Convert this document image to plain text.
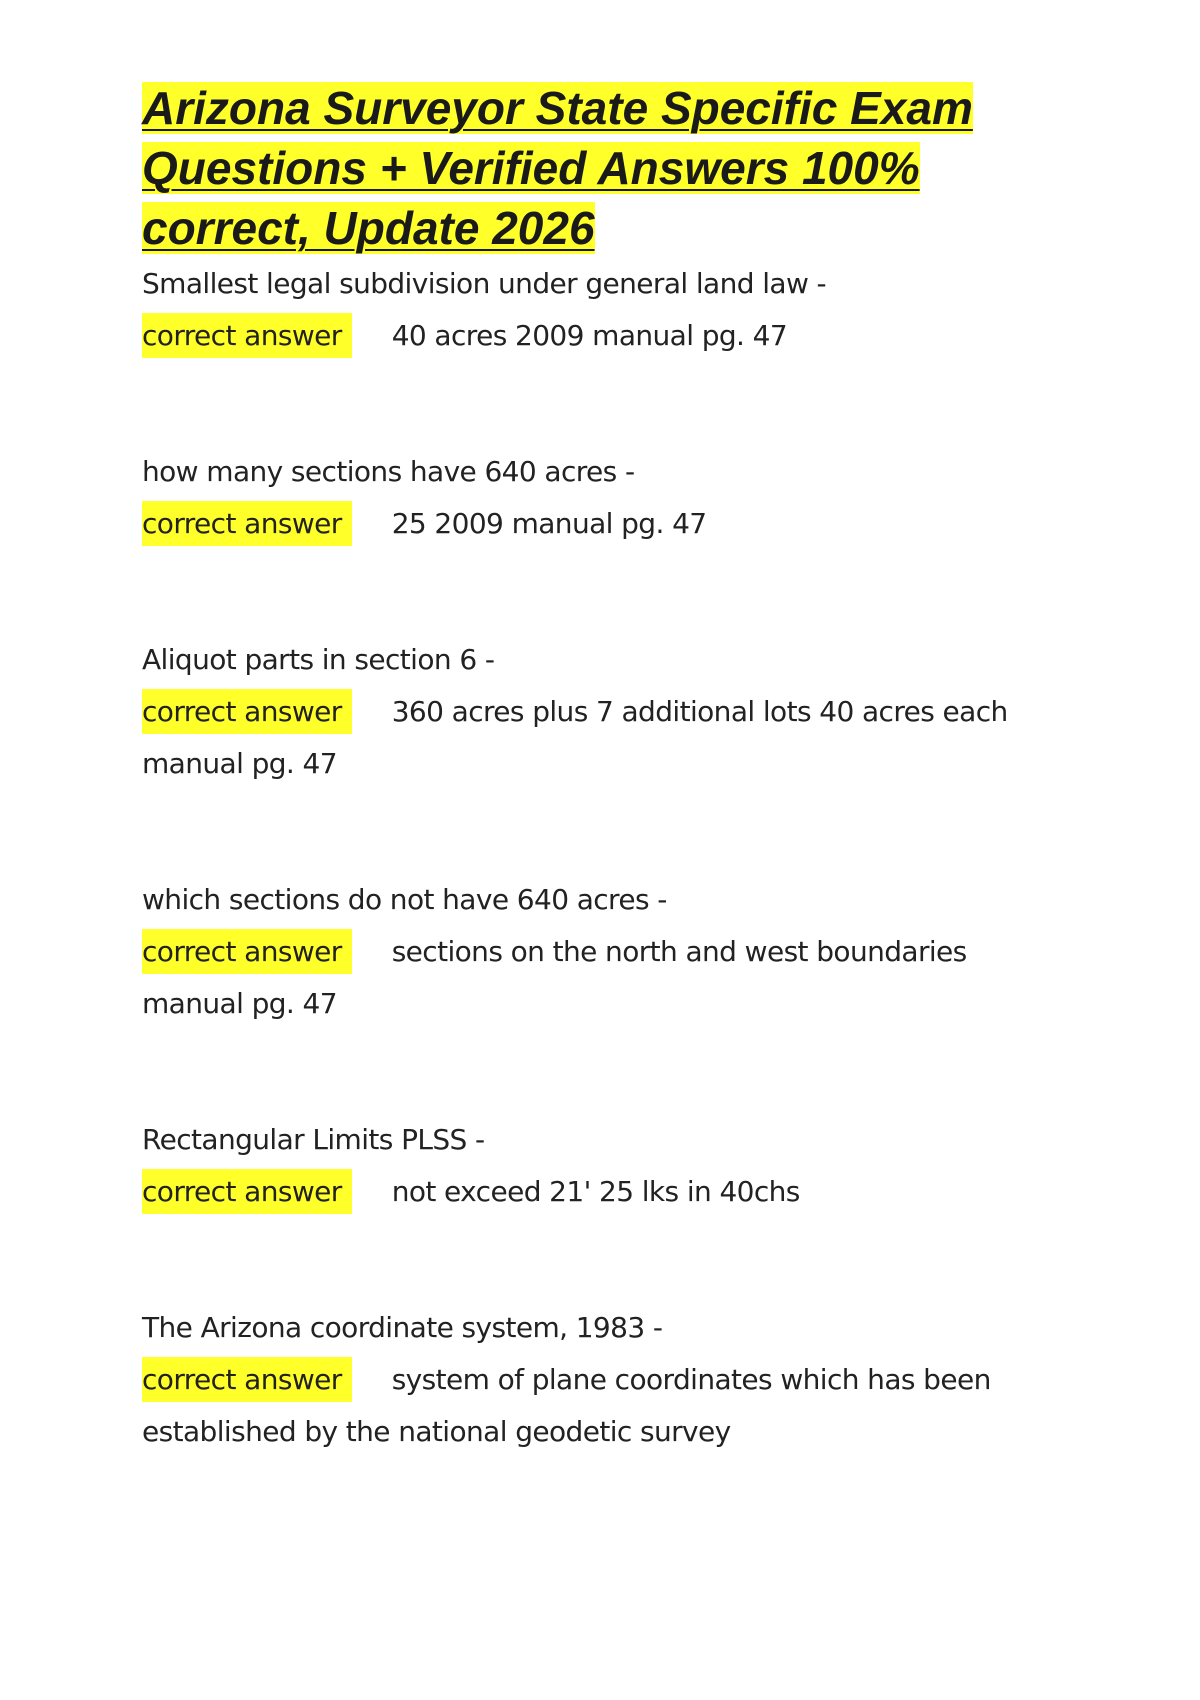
Arizona Surveyor State Specific Exam Questions + Verified Answers 100% correct, Update 2026
Smallest legal subdivision under general land law -
correct answer 40 acres 2009 manual pg. 47
how many sections have 640 acres -
correct answer 25 2009 manual pg. 47
Aliquot parts in section 6 -
correct answer 360 acres plus 7 additional lots 40 acres each manual pg. 47
which sections do not have 640 acres -
correct answer sections on the north and west boundaries manual pg. 47
Rectangular Limits PLSS -
correct answer not exceed 21' 25 lks in 40chs
The Arizona coordinate system, 1983 -
correct answer system of plane coordinates which has been established by the national geodetic survey
